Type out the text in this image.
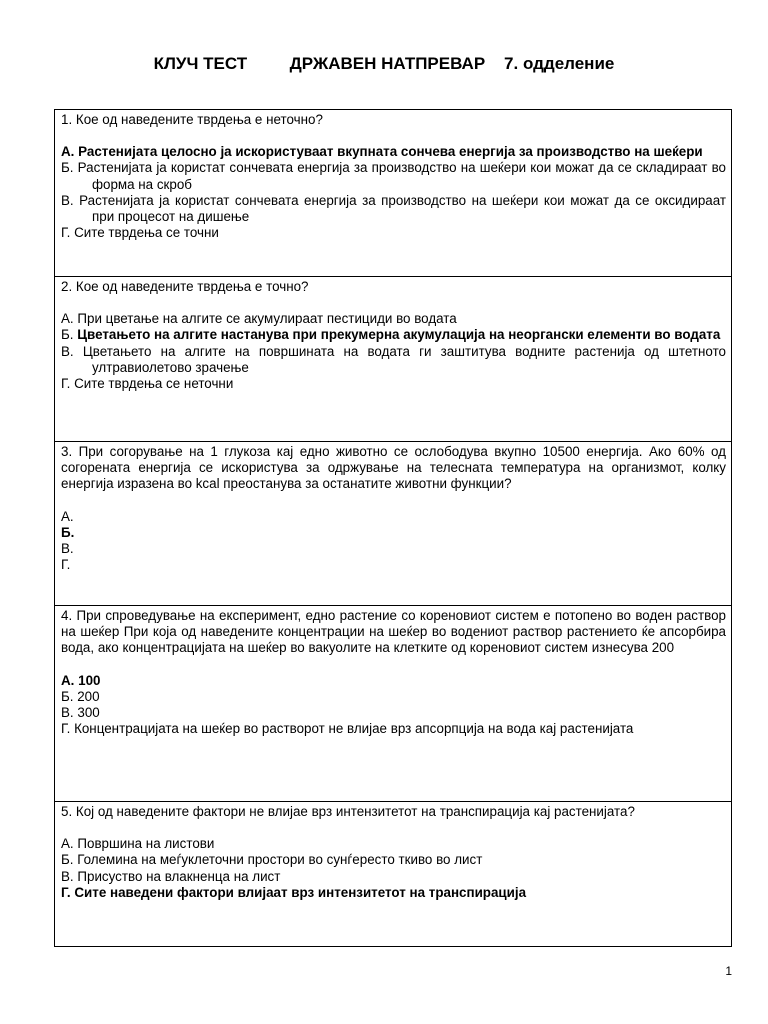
КЛУЧ ТЕСТ         ДРЖАВЕН НАТПРЕВАР    7. одделение
1. Кое од наведените тврдења е неточно?
А. Растенијата целосно ја искористуваат вкупната сончева енергија за производство на шеќери
Б. Растенијата ја користат сончевата енергија за производство на шеќери кои можат да се складираат во форма на скроб
В. Растенијата ја користат сончевата енергија за производство на шеќери кои можат да се оксидираат при процесот на дишење
Г. Сите тврдења се точни
2. Кое од наведените тврдења е точно?
А. При цветање на алгите се акумулираат пестициди во водата
Б. Цветањето на алгите настанува при прекумерна акумулација на неоргански елементи во водата
В. Цветањето на алгите на површината на водата ги заштитува водните растенија од штетното ултравиолетово зрачење
Г. Сите тврдења се неточни
3. При согорување на 1 глукоза кај едно животно се ослободува вкупно 10500 енергија. Ако 60% од согорената енергија се искористува за одржување на телесната температура на организмот, колку енергија изразена во kcal преостанува за останатите животни функции?
А.
Б.
В.
Г.
4. При спроведување на експеримент, едно растение со кореновиот систем е потопено во воден раствор на шеќер При која од наведените концентрации на шеќер во водениот раствор растението ќе апсорбира вода, ако концентрацијата на шеќер во вакуолите на клетките од кореновиот систем изнесува 200
А. 100
Б. 200
В. 300
Г. Концентрацијата на шеќер во растворот не влијае врз апсорпција на вода кај растенијата
5. Кој од наведените фактори не влијае врз интензитетот на транспирација кај растенијата?
А. Површина на листови
Б. Големина на меѓуклеточни простори во сунѓересто ткиво во лист
В. Присуство на влакненца на лист
Г. Сите наведени фактори влијаат врз интензитетот на транспирација
1
